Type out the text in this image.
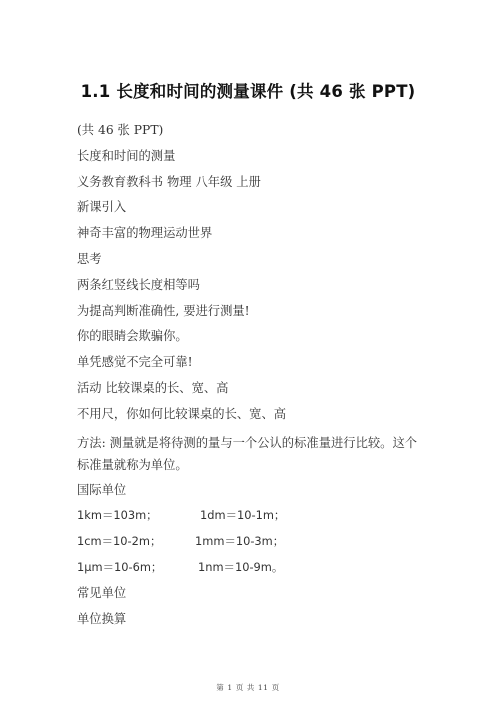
1.1 长度和时间的测量课件 (共 46 张 PPT)
(共 46 张 PPT)
长度和时间的测量
义务教育教科书 物理 八年级 上册
新课引入
神奇丰富的物理运动世界
思考
两条红竖线长度相等吗
为提高判断准确性, 要进行测量!
你的眼睛会欺骗你。
单凭感觉不完全可靠!
活动 比较课桌的长、宽、高
不用尺，你如何比较课桌的长、宽、高
方法: 测量就是将待测的量与一个公认的标准量进行比较。这个标准量就称为单位。
国际单位
1km＝103m；	1dm＝10-1m；
1cm＝10-2m；	1mm＝10-3m；
1μm＝10-6m；	1nm＝10-9m。
常见单位
单位换算
第 1 页 共 11 页
